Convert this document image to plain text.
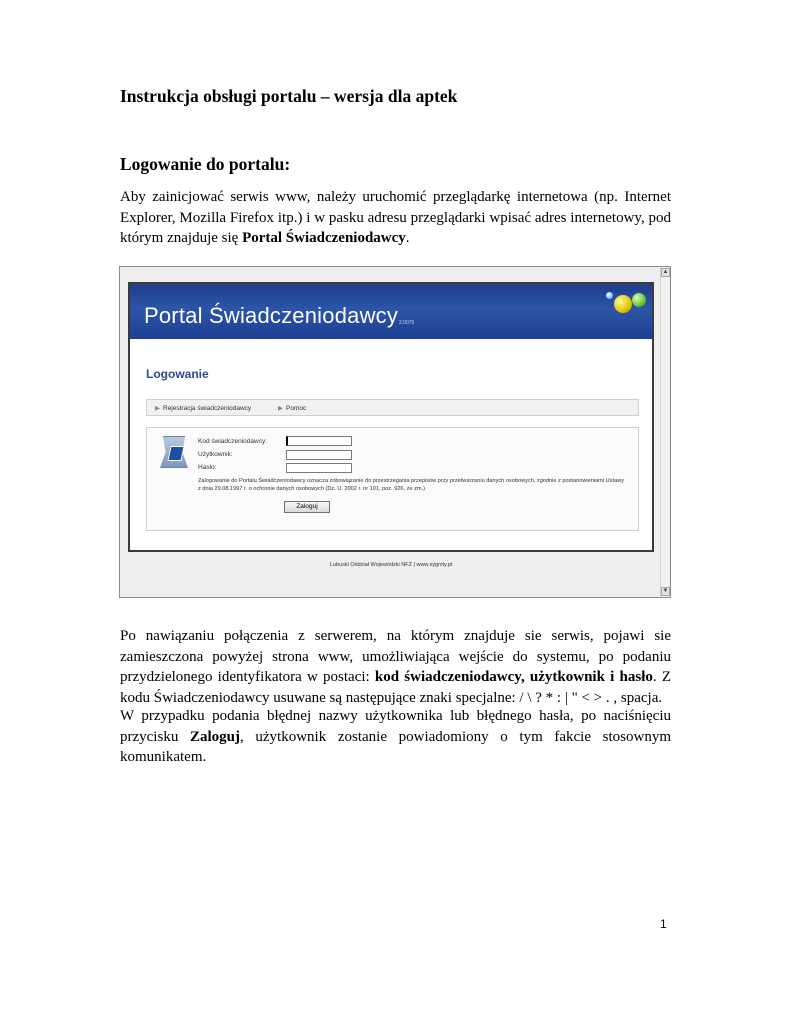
Instrukcja obsługi portalu – wersja dla aptek
Logowanie do portalu:
Aby zainicjować serwis www, należy uruchomić przeglądarkę internetowa (np. Internet Explorer, Mozilla Firefox itp.) i w pasku adresu przeglądarki wpisać adres internetowy, pod którym znajduje się Portal Świadczeniodawcy.
▲
▼
Portal Świadczeniodawcy 2.0075
Logowanie
▶ Rejestracja świadczeniodawcy	▶ Pomoc
Kod świadczeniodawcy:
Użytkownik:
Hasło:
Zalogowanie do Portalu Świadczeniodawcy oznacza zobowiązanie do przestrzegania przepisów przy przetwarzaniu danych osobowych, zgodnie z postanowieniami Ustawy z dnia 29.08.1997 r. o ochronie danych osobowych (Dz. U. 2002 r. nr 101, poz. 926, ze zm.)
Zaloguj
Lubuski Oddział Wojewódzki NFZ | www.sygnity.pl
Po nawiązaniu połączenia z serwerem, na którym znajduje sie serwis, pojawi sie zamieszczona powyżej strona www, umożliwiająca wejście do systemu, po podaniu przydzielonego identyfikatora w postaci: kod świadczeniodawcy, użytkownik i hasło. Z kodu Świadczeniodawcy usuwane są następujące znaki specjalne: / \ ? * : | " < > . , spacja.
W przypadku podania błędnej nazwy użytkownika lub błędnego hasła, po naciśnięciu przycisku Zaloguj, użytkownik zostanie powiadomiony o tym fakcie stosownym komunikatem.
1
